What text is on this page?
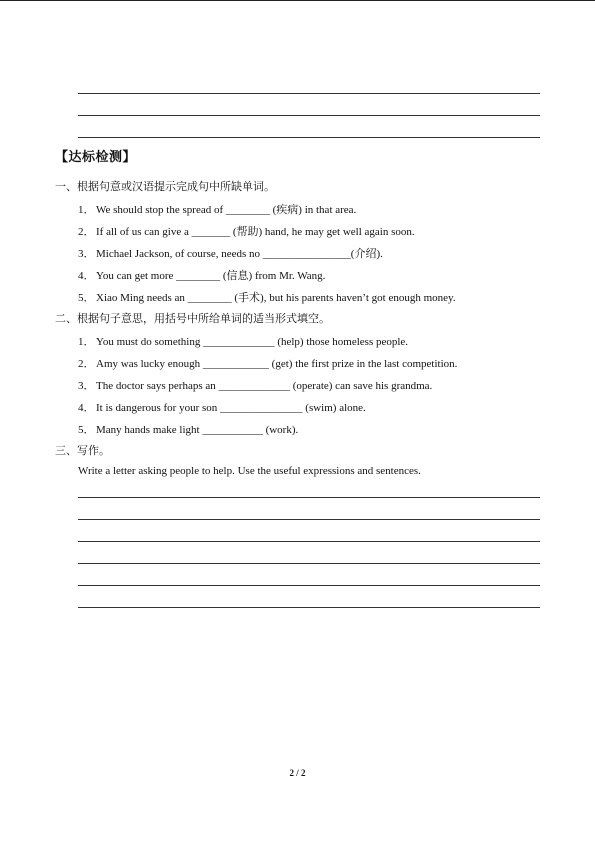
【达标检测】
一、根据句意或汉语提示完成句中所缺单词。
1． We should stop the spread of ________ (疾病) in that area.
2． If all of us can give a _______ (帮助) hand, he may get well again soon.
3． Michael Jackson, of course, needs no ________________(介绍).
4． You can get more ________ (信息) from Mr. Wang.
5． Xiao Ming needs an ________ (手术), but his parents haven’t got enough money.
二、根据句子意思，用括号中所给单词的适当形式填空。
1． You must do something _____________ (help) those homeless people.
2． Amy was lucky enough ____________ (get) the first prize in the last competition.
3． The doctor says perhaps an _____________ (operate) can save his grandma.
4． It is dangerous for your son _______________ (swim) alone.
5． Many hands make light ___________ (work).
三、写作。
Write a letter asking people to help. Use the useful expressions and sentences.
2 / 2
